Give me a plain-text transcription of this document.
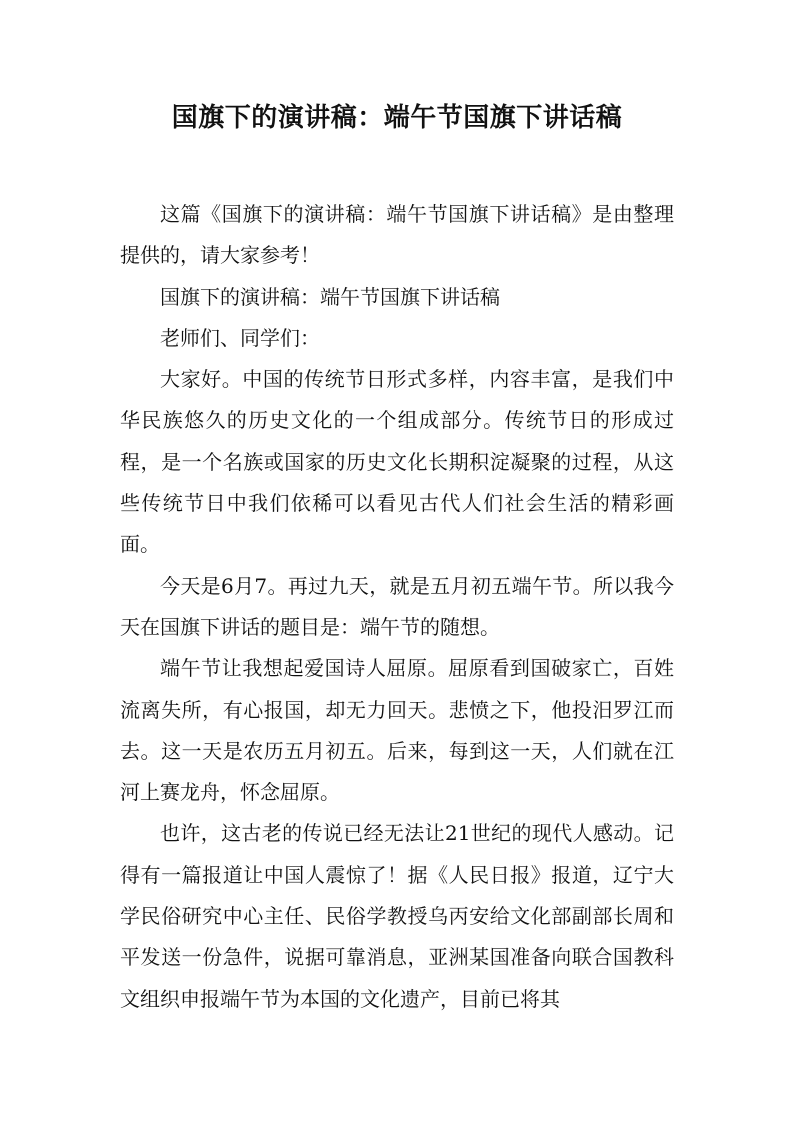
国旗下的演讲稿：端午节国旗下讲话稿

这篇《国旗下的演讲稿：端午节国旗下讲话稿》是由整理提供的，请大家参考！

国旗下的演讲稿：端午节国旗下讲话稿

老师们、同学们：

大家好。中国的传统节日形式多样，内容丰富，是我们中华民族悠久的历史文化的一个组成部分。传统节日的形成过程，是一个名族或国家的历史文化长期积淀凝聚的过程，从这些传统节日中我们依稀可以看见古代人们社会生活的精彩画面。

今天是6月7。再过九天，就是五月初五端午节。所以我今天在国旗下讲话的题目是：端午节的随想。

端午节让我想起爱国诗人屈原。屈原看到国破家亡，百姓流离失所，有心报国，却无力回天。悲愤之下，他投汨罗江而去。这一天是农历五月初五。后来，每到这一天，人们就在江河上赛龙舟，怀念屈原。

也许，这古老的传说已经无法让21世纪的现代人感动。记得有一篇报道让中国人震惊了！据《人民日报》报道，辽宁大学民俗研究中心主任、民俗学教授乌丙安给文化部副部长周和平发送一份急件，说据可靠消息，亚洲某国准备向联合国教科文组织申报端午节为本国的文化遗产，目前已将其
